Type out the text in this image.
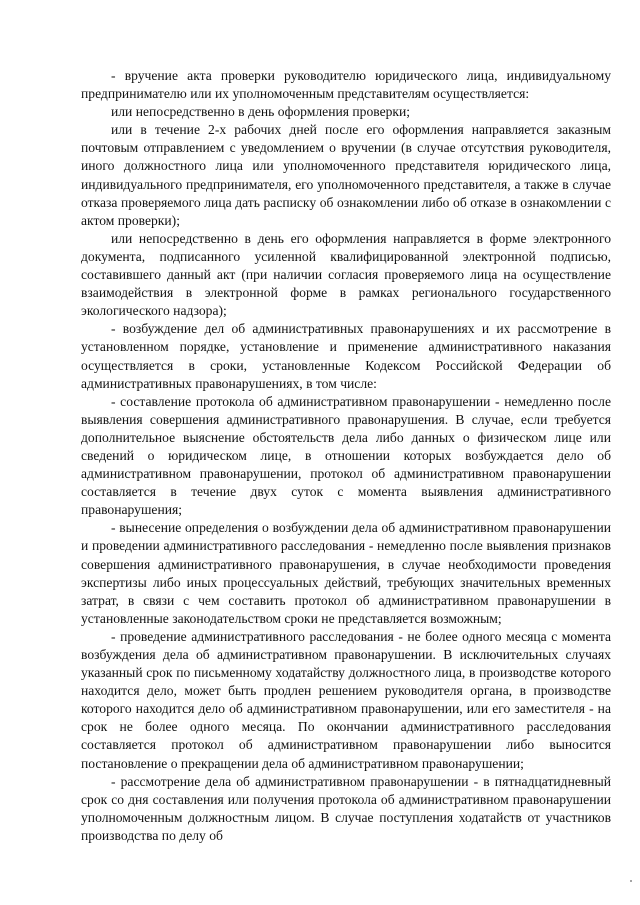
- вручение акта проверки руководителю юридического лица, индивидуальному предпринимателю или их уполномоченным представителям осуществляется:

или непосредственно в день оформления проверки;

или в течение 2-х рабочих дней после его оформления направляется заказным почтовым отправлением с уведомлением о вручении (в случае отсутствия руководителя, иного должностного лица или уполномоченного представителя юридического лица, индивидуального предпринимателя, его уполномоченного представителя, а также в случае отказа проверяемого лица дать расписку об ознакомлении либо об отказе в ознакомлении с актом проверки);

или непосредственно в день его оформления направляется в форме электронного документа, подписанного усиленной квалифицированной электронной подписью, составившего данный акт (при наличии согласия проверяемого лица на осуществление взаимодействия в электронной форме в рамках регионального государственного экологического надзора);

- возбуждение дел об административных правонарушениях и их рассмотрение в установленном порядке, установление и применение административного наказания осуществляется в сроки, установленные Кодексом Российской Федерации об административных правонарушениях, в том числе:

- составление протокола об административном правонарушении - немедленно после выявления совершения административного правонарушения. В случае, если требуется дополнительное выяснение обстоятельств дела либо данных о физическом лице или сведений о юридическом лице, в отношении которых возбуждается дело об административном правонарушении, протокол об административном правонарушении составляется в течение двух суток с момента выявления административного правонарушения;

- вынесение определения о возбуждении дела об административном правонарушении и проведении административного расследования - немедленно после выявления признаков совершения административного правонарушения, в случае необходимости проведения экспертизы либо иных процессуальных действий, требующих значительных временных затрат, в связи с чем составить протокол об административном правонарушении в установленные законодательством сроки не представляется возможным;

- проведение административного расследования - не более одного месяца с момента возбуждения дела об административном правонарушении. В исключительных случаях указанный срок по письменному ходатайству должностного лица, в производстве которого находится дело, может быть продлен решением руководителя органа, в производстве которого находится дело об административном правонарушении, или его заместителя - на срок не более одного месяца. По окончании административного расследования составляется протокол об административном правонарушении либо выносится постановление о прекращении дела об административном правонарушении;

- рассмотрение дела об административном правонарушении - в пятнадцатидневный срок со дня составления или получения протокола об административном правонарушении уполномоченным должностным лицом. В случае поступления ходатайств от участников производства по делу об
